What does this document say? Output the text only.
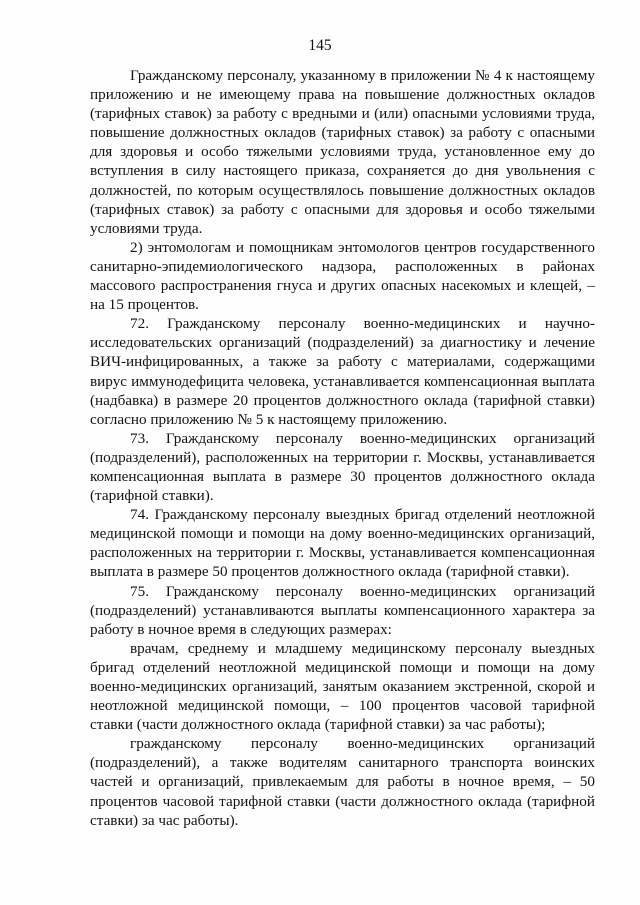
145

Гражданскому персоналу, указанному в приложении № 4 к настоящему приложению и не имеющему права на повышение должностных окладов (тарифных ставок) за работу с вредными и (или) опасными условиями труда, повышение должностных окладов (тарифных ставок) за работу с опасными для здоровья и особо тяжелыми условиями труда, установленное ему до вступления в силу настоящего приказа, сохраняется до дня увольнения с должностей, по которым осуществлялось повышение должностных окладов (тарифных ставок) за работу с опасными для здоровья и особо тяжелыми условиями труда.

2) энтомологам и помощникам энтомологов центров государственного санитарно-эпидемиологического надзора, расположенных в районах массового распространения гнуса и других опасных насекомых и клещей, – на 15 процентов.

72. Гражданскому персоналу военно-медицинских и научно-исследовательских организаций (подразделений) за диагностику и лечение ВИЧ-инфицированных, а также за работу с материалами, содержащими вирус иммунодефицита человека, устанавливается компенсационная выплата (надбавка) в размере 20 процентов должностного оклада (тарифной ставки) согласно приложению № 5 к настоящему приложению.

73. Гражданскому персоналу военно-медицинских организаций (подразделений), расположенных на территории г. Москвы, устанавливается компенсационная выплата в размере 30 процентов должностного оклада (тарифной ставки).

74. Гражданскому персоналу выездных бригад отделений неотложной медицинской помощи и помощи на дому военно-медицинских организаций, расположенных на территории г. Москвы, устанавливается компенсационная выплата в размере 50 процентов должностного оклада (тарифной ставки).

75. Гражданскому персоналу военно-медицинских организаций (подразделений) устанавливаются выплаты компенсационного характера за работу в ночное время в следующих размерах:

врачам, среднему и младшему медицинскому персоналу выездных бригад отделений неотложной медицинской помощи и помощи на дому военно-медицинских организаций, занятым оказанием экстренной, скорой и неотложной медицинской помощи, – 100 процентов часовой тарифной ставки (части должностного оклада (тарифной ставки) за час работы);

гражданскому персоналу военно-медицинских организаций (подразделений), а также водителям санитарного транспорта воинских частей и организаций, привлекаемым для работы в ночное время, – 50 процентов часовой тарифной ставки (части должностного оклада (тарифной ставки) за час работы).
